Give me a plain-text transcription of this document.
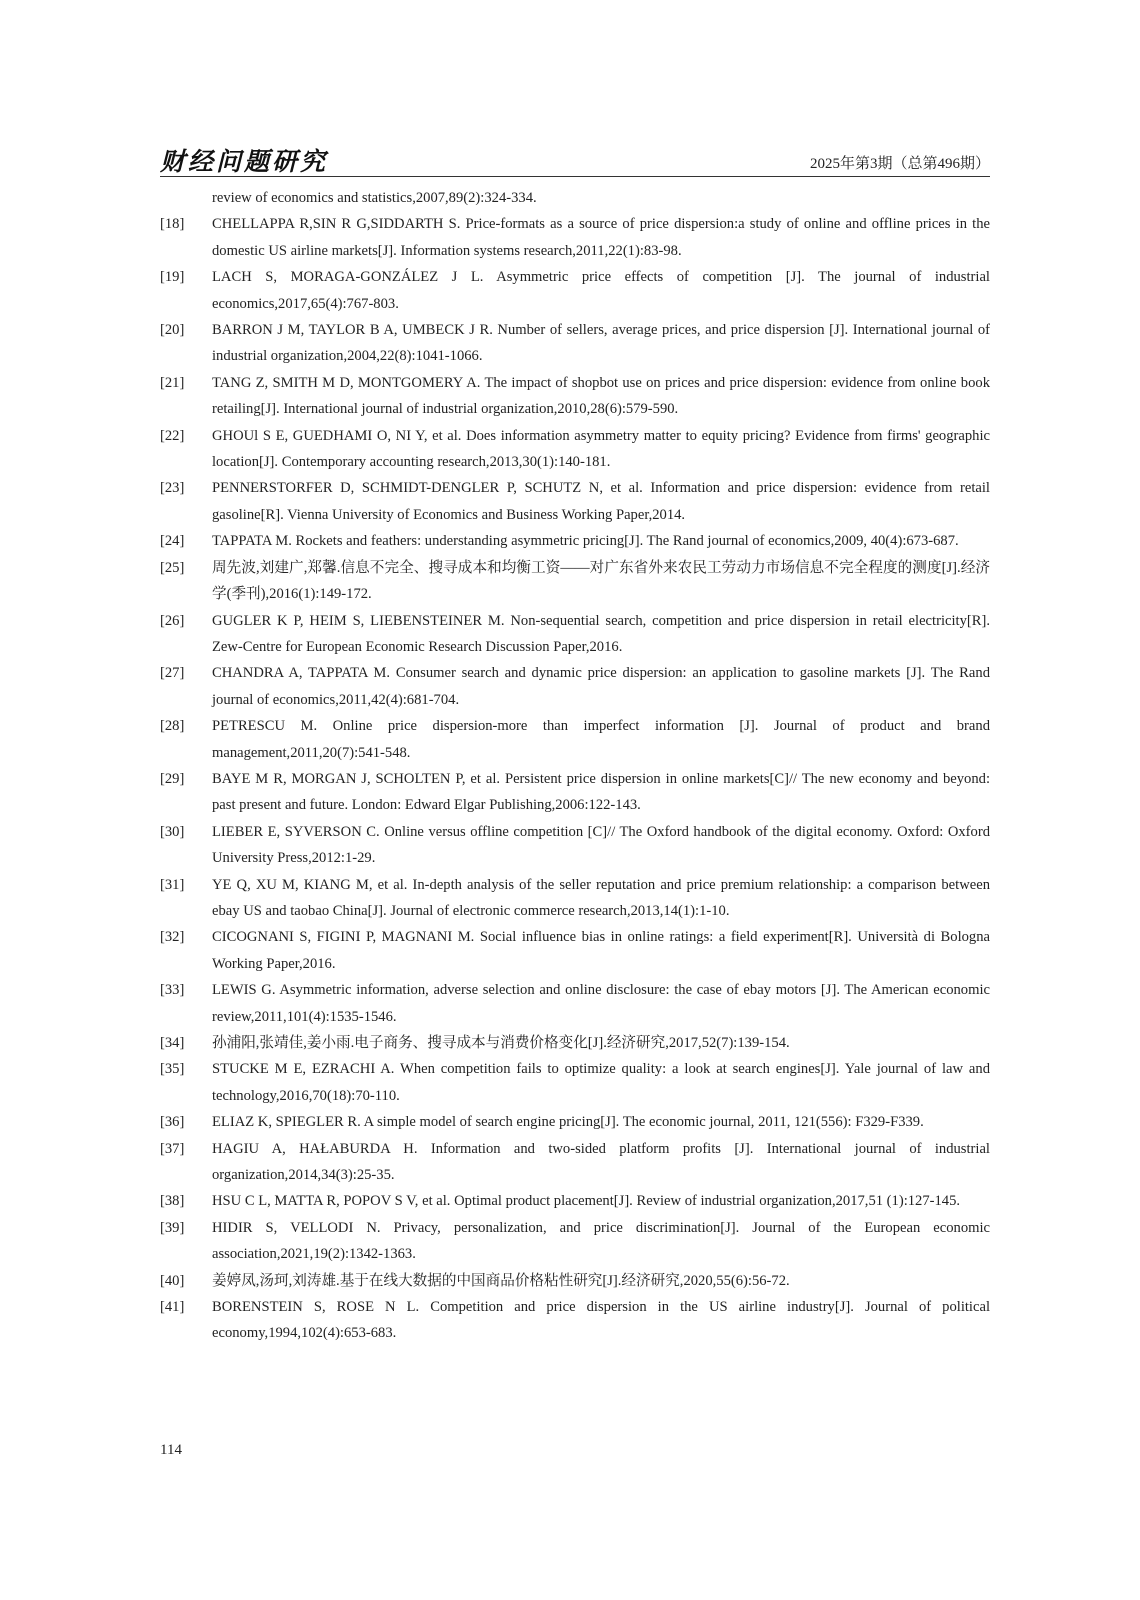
财经问题研究	2025年第3期（总第496期）
review of economics and statistics,2007,89(2):324-334.
[18]	CHELLAPPA R,SIN R G,SIDDARTH S. Price-formats as a source of price dispersion:a study of online and offline prices in the domestic US airline markets[J]. Information systems research,2011,22(1):83-98.
[19]	LACH S, MORAGA-GONZÁLEZ J L. Asymmetric price effects of competition [J]. The journal of industrial economics,2017,65(4):767-803.
[20]	BARRON J M, TAYLOR B A, UMBECK J R. Number of sellers, average prices, and price dispersion [J]. International journal of industrial organization,2004,22(8):1041-1066.
[21]	TANG Z, SMITH M D, MONTGOMERY A. The impact of shopbot use on prices and price dispersion: evidence from online book retailing[J]. International journal of industrial organization,2010,28(6):579-590.
[22]	GHOUl S E, GUEDHAMI O, NI Y, et al. Does information asymmetry matter to equity pricing? Evidence from firms' geographic location[J]. Contemporary accounting research,2013,30(1):140-181.
[23]	PENNERSTORFER D, SCHMIDT-DENGLER P, SCHUTZ N, et al. Information and price dispersion: evidence from retail gasoline[R]. Vienna University of Economics and Business Working Paper,2014.
[24]	TAPPATA M. Rockets and feathers: understanding asymmetric pricing[J]. The Rand journal of economics,2009, 40(4):673-687.
[25]	周先波,刘建广,郑馨.信息不完全、搜寻成本和均衡工资——对广东省外来农民工劳动力市场信息不完全程度的测度[J].经济学(季刊),2016(1):149-172.
[26]	GUGLER K P, HEIM S, LIEBENSTEINER M. Non-sequential search, competition and price dispersion in retail electricity[R]. Zew-Centre for European Economic Research Discussion Paper,2016.
[27]	CHANDRA A, TAPPATA M. Consumer search and dynamic price dispersion: an application to gasoline markets [J]. The Rand journal of economics,2011,42(4):681-704.
[28]	PETRESCU M. Online price dispersion-more than imperfect information [J]. Journal of product and brand management,2011,20(7):541-548.
[29]	BAYE M R, MORGAN J, SCHOLTEN P, et al. Persistent price dispersion in online markets[C]// The new economy and beyond: past present and future. London: Edward Elgar Publishing,2006:122-143.
[30]	LIEBER E, SYVERSON C. Online versus offline competition [C]// The Oxford handbook of the digital economy. Oxford: Oxford University Press,2012:1-29.
[31]	YE Q, XU M, KIANG M, et al. In-depth analysis of the seller reputation and price premium relationship: a comparison between ebay US and taobao China[J]. Journal of electronic commerce research,2013,14(1):1-10.
[32]	CICOGNANI S, FIGINI P, MAGNANI M. Social influence bias in online ratings: a field experiment[R]. Università di Bologna Working Paper,2016.
[33]	LEWIS G. Asymmetric information, adverse selection and online disclosure: the case of ebay motors [J]. The American economic review,2011,101(4):1535-1546.
[34]	孙浦阳,张靖佳,姜小雨.电子商务、搜寻成本与消费价格变化[J].经济研究,2017,52(7):139-154.
[35]	STUCKE M E, EZRACHI A. When competition fails to optimize quality: a look at search engines[J]. Yale journal of law and technology,2016,70(18):70-110.
[36]	ELIAZ K, SPIEGLER R. A simple model of search engine pricing[J]. The economic journal, 2011, 121(556): F329-F339.
[37]	HAGIU A, HAŁABURDA H. Information and two-sided platform profits [J]. International journal of industrial organization,2014,34(3):25-35.
[38]	HSU C L, MATTA R, POPOV S V, et al. Optimal product placement[J]. Review of industrial organization,2017,51 (1):127-145.
[39]	HIDIR S, VELLODI N. Privacy, personalization, and price discrimination[J]. Journal of the European economic association,2021,19(2):1342-1363.
[40]	姜婷凤,汤珂,刘涛雄.基于在线大数据的中国商品价格粘性研究[J].经济研究,2020,55(6):56-72.
[41]	BORENSTEIN S, ROSE N L. Competition and price dispersion in the US airline industry[J]. Journal of political economy,1994,102(4):653-683.
114
